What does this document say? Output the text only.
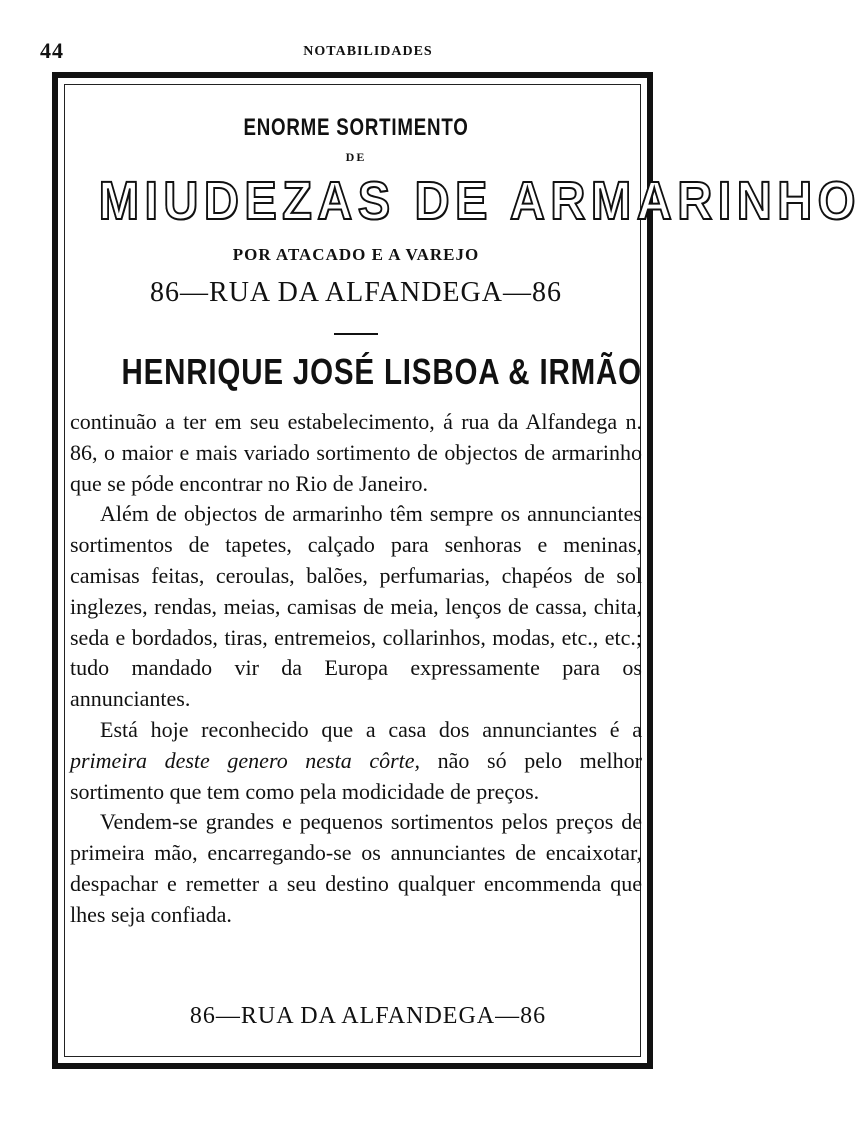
44	NOTABILIDADES
ENORME SORTIMENTO
DE
MIUDEZAS DE ARMARINHO
POR ATACADO E A VAREJO
86—RUA DA ALFANDEGA—86
HENRIQUE JOSÉ LISBOA & IRMÃO

continuão a ter em seu estabelecimento, á rua da Alfandega n. 86, o maior e mais variado sortimento de objectos de armarinho que se póde encontrar no Rio de Janeiro.

Além de objectos de armarinho têm sempre os annunciantes sortimentos de tapetes, calçado para senhoras e meninas, camisas feitas, ceroulas, balões, perfumarias, chapéos de sol inglezes, rendas, meias, camisas de meia, lenços de cassa, chita, seda e bordados, tiras, entremeios, collarinhos, modas, etc., etc.; tudo mandado vir da Europa expressamente para os annunciantes.

Está hoje reconhecido que a casa dos annunciantes é a primeira deste genero nesta côrte, não só pelo melhor sortimento que tem como pela modicidade de preços.

Vendem-se grandes e pequenos sortimentos pelos preços de primeira mão, encarregando-se os annunciantes de encaixotar, despachar e remetter a seu destino qualquer encommenda que lhes seja confiada.

86—RUA DA ALFANDEGA—86
